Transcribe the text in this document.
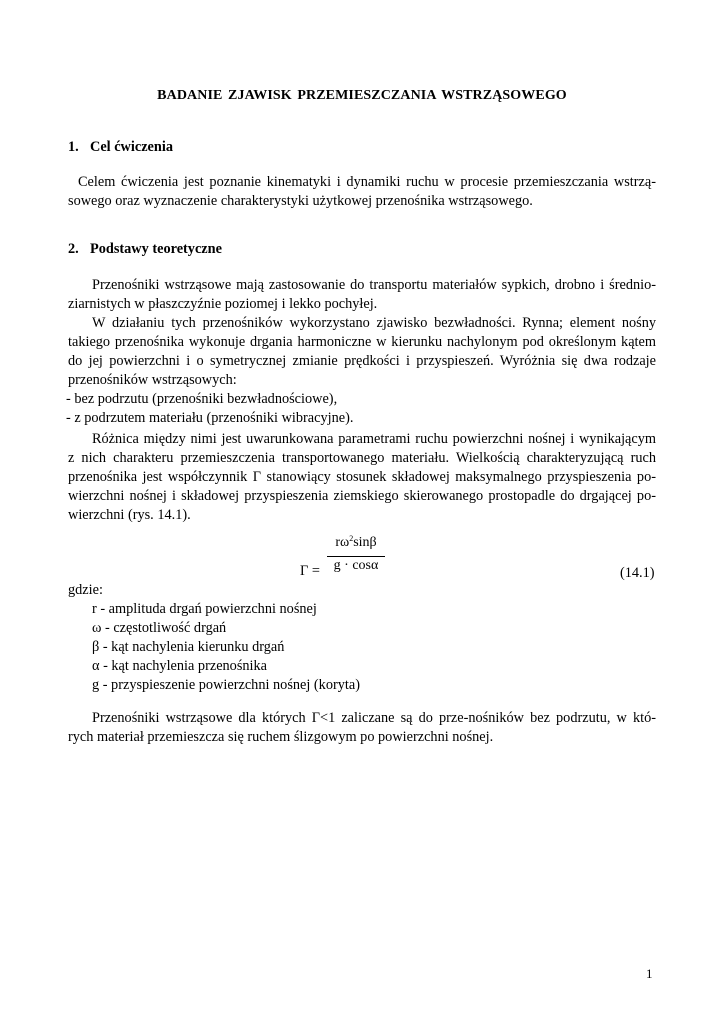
BADANIE ZJAWISK PRZEMIESZCZANIA WSTRZĄSOWEGO
1. Cel ćwiczenia
Celem ćwiczenia jest poznanie kinematyki i dynamiki ruchu w procesie przemieszczania wstrzą-
sowego oraz wyznaczenie charakterystyki użytkowej przenośnika wstrząsowego.
2. Podstawy teoretyczne
Przenośniki wstrząsowe mają zastosowanie do transportu materiałów sypkich, drobno i średnio-
ziarnistych w płaszczyźnie poziomej i lekko pochyłej.
W działaniu tych przenośników wykorzystano zjawisko bezwładności. Rynna; element nośny
takiego przenośnika wykonuje drgania harmoniczne w kierunku nachylonym pod określonym kątem
do jej powierzchni i o symetrycznej zmianie prędkości i przyspieszeń. Wyróżnia się dwa rodzaje
przenośników wstrząsowych:
- bez podrzutu (przenośniki bezwładnościowe),
- z podrzutem materiału (przenośniki wibracyjne).
Różnica między nimi jest uwarunkowana parametrami ruchu powierzchni nośnej i wynikającym
z nich charakteru przemieszczenia transportowanego materiału. Wielkością charakteryzującą ruch
przenośnika jest współczynnik Γ stanowiący stosunek składowej maksymalnego przyspieszenia po-
wierzchni nośnej i składowej przyspieszenia ziemskiego skierowanego prostopadle do drgającej po-
wierzchni (rys. 14.1).
$r\omega^2\sin\beta$
g · cosα
Γ =	(14.1)
gdzie:
r - amplituda drgań powierzchni nośnej
ω - częstotliwość drgań
β - kąt nachylenia kierunku drgań
α - kąt nachylenia przenośnika
g - przyspieszenie powierzchni nośnej (koryta)
Przenośniki wstrząsowe dla których Γ<1 zaliczane są do prze-nośników bez podrzutu, w któ-
rych materiał przemieszcza się ruchem ślizgowym po powierzchni nośnej.
1
